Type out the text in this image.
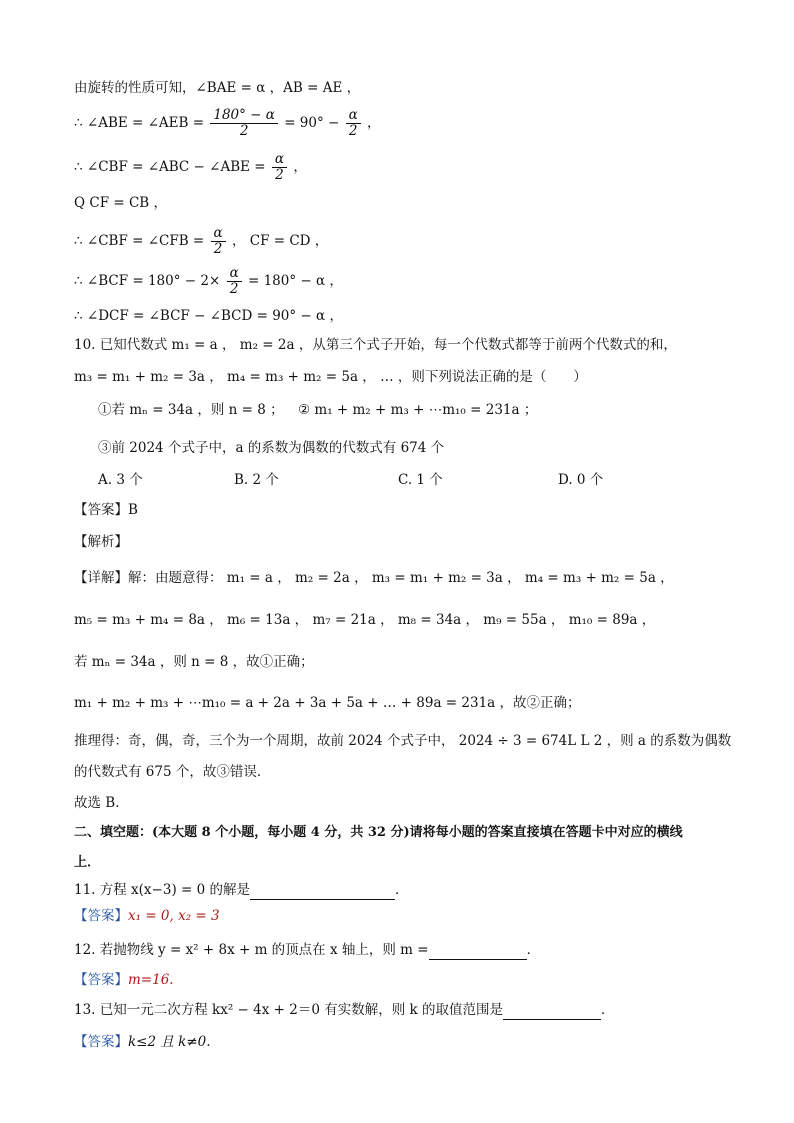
由旋转的性质可知，∠BAE = α ，AB = AE ，
∴ ∠ABE = ∠AEB = $\frac{180^\circ - \alpha}{2} = 90^\circ - \frac{\alpha}{2}$ ，
∴ ∠CBF = ∠ABC − ∠ABE = $\frac{\alpha}{2}$ ，
Q CF = CB ，
∴ ∠CBF = ∠CFB = $\frac{\alpha}{2}$ ， CF = CD ，
∴ ∠BCF = $180^\circ - 2\times \frac{\alpha}{2} = 180^\circ - \alpha$ ，
∴ ∠DCF = ∠BCF − ∠BCD = 90° − α ，
10. 已知代数式 m₁ = a ， m₂ = 2a ，从第三个式子开始，每一个代数式都等于前两个代数式的和，
m₃ = m₁ + m₂ = 3a ， m₄ = m₃ + m₂ = 5a ， … ，则下列说法正确的是（　　）
①若 mₙ = 34a ，则 n = 8 ；	② m₁ + m₂ + m₃ + ⋯m₁₀ = 231a ；
③前 2024 个式子中，a 的系数为偶数的代数式有 674 个
A. 3 个	B. 2 个	C. 1 个	D. 0 个
【答案】B
【解析】
【详解】解：由题意得： m₁ = a ， m₂ = 2a ， m₃ = m₁ + m₂ = 3a ， m₄ = m₃ + m₂ = 5a ，
m₅ = m₃ + m₄ = 8a ， m₆ = 13a ， m₇ = 21a ， m₈ = 34a ， m₉ = 55a ， m₁₀ = 89a ，
若 mₙ = 34a ，则 n = 8 ，故①正确；
m₁ + m₂ + m₃ + ⋯m₁₀ = a + 2a + 3a + 5a + … + 89a = 231a ，故②正确；
推理得：奇，偶，奇，三个为一个周期，故前 2024 个式子中， 2024 ÷ 3 = 674L L 2 ，则 a 的系数为偶数
的代数式有 675 个，故③错误．
故选 B．
二、填空题：(本大题 8 个小题，每小题 4 分，共 32 分)请将每小题的答案直接填在答题卡中对应的横线
上．
11. 方程 x(x−3) = 0 的解是	．
【答案】x₁ = 0, x₂ = 3
12. 若抛物线 y = x² + 8x + m 的顶点在 x 轴上，则 m =	．
【答案】m=16.
13. 已知一元二次方程 kx² − 4x + 2＝0 有实数解，则 k 的取值范围是	．
【答案】k≤2 且 k≠0.
